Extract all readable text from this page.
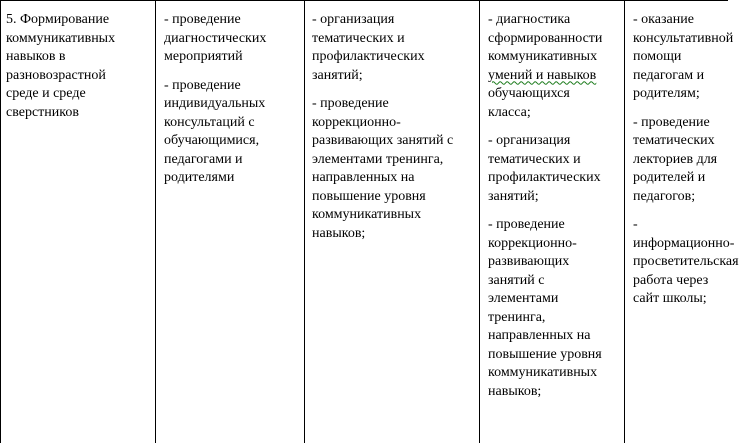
5. Формирование
коммуникативных
навыков в
разновозрастной
среде и среде
сверстников
- проведение
диагностических
мероприятий
- проведение
индивидуальных
консультаций с
обучающимися,
педагогами и
родителями
- организация
тематических и
профилактических
занятий;
- проведение
коррекционно-
развивающих занятий с
элементами тренинга,
направленных на
повышение уровня
коммуникативных
навыков;
- диагностика
сформированности
коммуникативных
умений и навыков
обучающихся
класса;
- организация
тематических и
профилактических
занятий;
- проведение
коррекционно-
развивающих
занятий с
элементами
тренинга,
направленных на
повышение уровня
коммуникативных
навыков;
- оказание
консультативной
помощи
педагогам и
родителям;
- проведение
тематических
лекториев для
родителей и
педагогов;
-
информационно-
просветительская
работа через
сайт школы;
